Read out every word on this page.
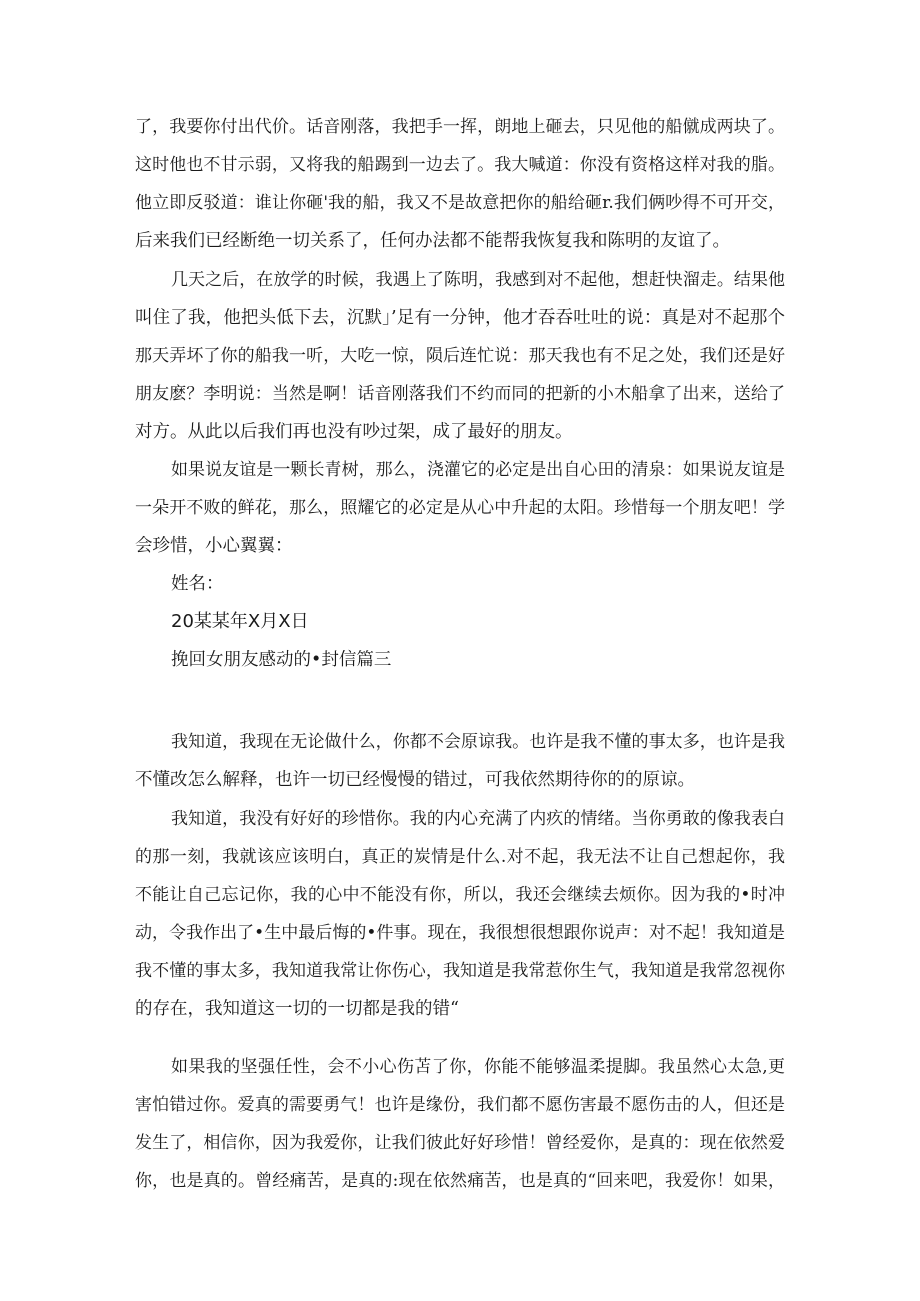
了，我要你付出代价。话音刚落，我把手一挥，朗地上砸去，只见他的船僦成两块了。
这时他也不甘示弱，又将我的船踢到一边去了。我大喊道：你没有资格这样对我的脂。
他立即反驳道：谁让你砸'我的船，我又不是故意把你的船给砸r.我们俩吵得不可开交，
后来我们已经断绝一切关系了，任何办法都不能帮我恢复我和陈明的友谊了。
几天之后，在放学的时候，我遇上了陈明，我感到对不起他，想赶快溜走。结果他
叫住了我，他把头低下去，沉默」’足有一分钟，他才吞吞吐吐的说：真是对不起那个
那天弄坏了你的船我一听，大吃一惊，陨后连忙说：那天我也有不足之处，我们还是好
朋友麽？李明说：当然是啊！话音刚落我们不约而同的把新的小木船拿了出来，送给了
对方。从此以后我们再也没有吵过架，成了最好的朋友。
如果说友谊是一颗长青树，那么，浇灌它的必定是出自心田的清泉：如果说友谊是
一朵开不败的鲜花，那么，照耀它的必定是从心中升起的太阳。珍惜每一个朋友吧！学
会珍惜，小心翼翼：
姓名：
20某某年X月X日
挽回女朋友感动的•封信篇三
我知道，我现在无论做什么，你都不会原谅我。也许是我不懂的事太多，也许是我
不懂改怎么解释，也许一切已经慢慢的错过，可我依然期待你的的原谅。
我知道，我没有好好的珍惜你。我的内心充满了内疚的情绪。当你勇敢的像我表白
的那一刻，我就该应该明白，真正的炭情是什么.对不起，我无法不让自己想起你，我
不能让自己忘记你，我的心中不能没有你，所以，我还会继续去烦你。因为我的•时冲
动，令我作出了•生中最后悔的•件事。现在，我很想很想跟你说声：对不起！我知道是
我不懂的事太多，我知道我常让你伤心，我知道是我常惹你生气，我知道是我常忽视你
的存在，我知道这一切的一切都是我的错“
如果我的坚强任性，会不小心伤苫了你，你能不能够温柔提脚。我虽然心太急,更
害怕错过你。爱真的需要勇气！也许是缘份，我们都不愿伤害最不愿伤击的人，但还是
发生了，相信你，因为我爱你，让我们彼此好好珍惜！曾经爱你，是真的：现在依然爱
你，也是真的。曾经痛苦，是真的:现在依然痛苦，也是真的“回来吧，我爱你！如果，
